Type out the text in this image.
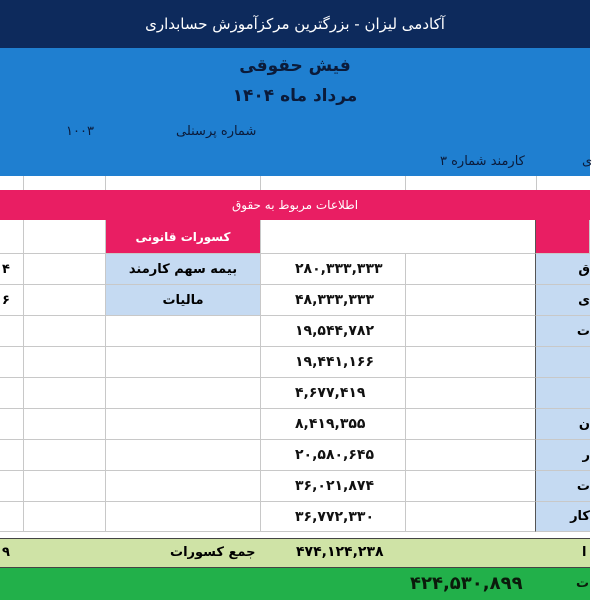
آکادمی لیزان - بزرگترین مرکزآموزش حسابداری
فیش حقوقی
مرداد ماه ۱۴۰۴
شماره پرسنلی
۱۰۰۳
کارمند شماره ۳	ی
اطلاعات مربوط به حقوق
کسورات قانونی
۴	بیمه سهم کارمند	۲۸۰,۳۳۳,۳۳۳	ق
۶	مالیات	۴۸,۳۳۳,۳۳۳	ی
۱۹,۵۴۴,۷۸۲	ت
۱۹,۴۴۱,۱۶۶
۴,۶۷۷,۴۱۹
۸,۴۱۹,۳۵۵	ن
۲۰,۵۸۰,۶۴۵	ر
۳۶,۰۲۱,۸۷۴	ت
۳۶,۷۷۲,۳۳۰	کار
۹	جمع کسورات	۴۷۴,۱۲۴,۲۳۸	ا
۴۲۴,۵۳۰,۸۹۹	ت
